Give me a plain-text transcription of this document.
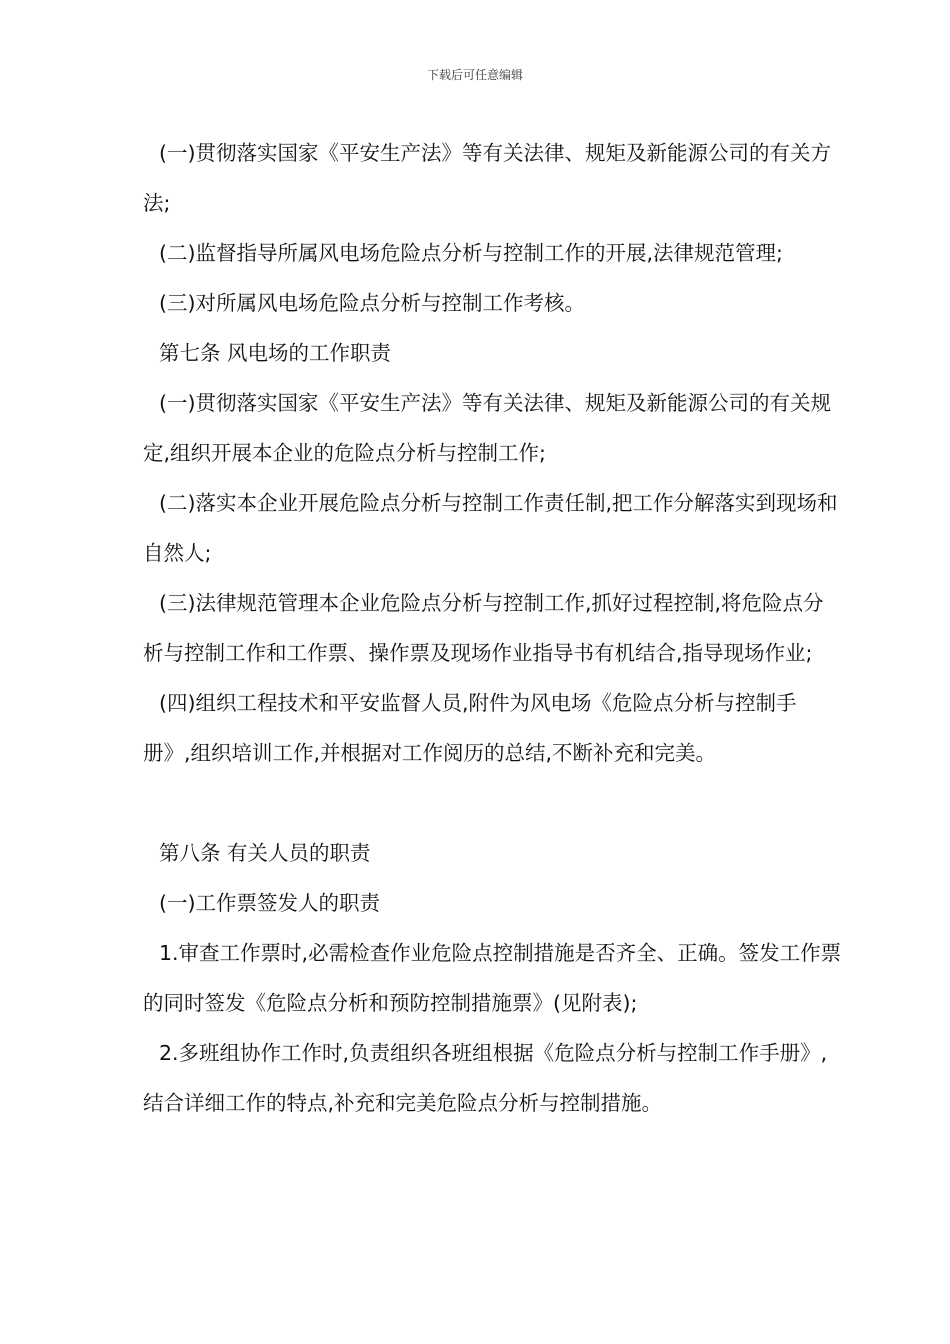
下载后可任意编辑

(一)贯彻落实国家《平安生产法》等有关法律、规矩及新能源公司的有关方法;

(二)监督指导所属风电场危险点分析与控制工作的开展,法律规范管理;

(三)对所属风电场危险点分析与控制工作考核。

第七条 风电场的工作职责

(一)贯彻落实国家《平安生产法》等有关法律、规矩及新能源公司的有关规定,组织开展本企业的危险点分析与控制工作;

(二)落实本企业开展危险点分析与控制工作责任制,把工作分解落实到现场和自然人;

(三)法律规范管理本企业危险点分析与控制工作,抓好过程控制,将危险点分析与控制工作和工作票、操作票及现场作业指导书有机结合,指导现场作业;

(四)组织工程技术和平安监督人员,附件为风电场《危险点分析与控制手册》,组织培训工作,并根据对工作阅历的总结,不断补充和完美。

第八条 有关人员的职责

(一)工作票签发人的职责

1.审查工作票时,必需检查作业危险点控制措施是否齐全、正确。签发工作票的同时签发《危险点分析和预防控制措施票》(见附表);

2.多班组协作工作时,负责组织各班组根据《危险点分析与控制工作手册》,结合详细工作的特点,补充和完美危险点分析与控制措施。
